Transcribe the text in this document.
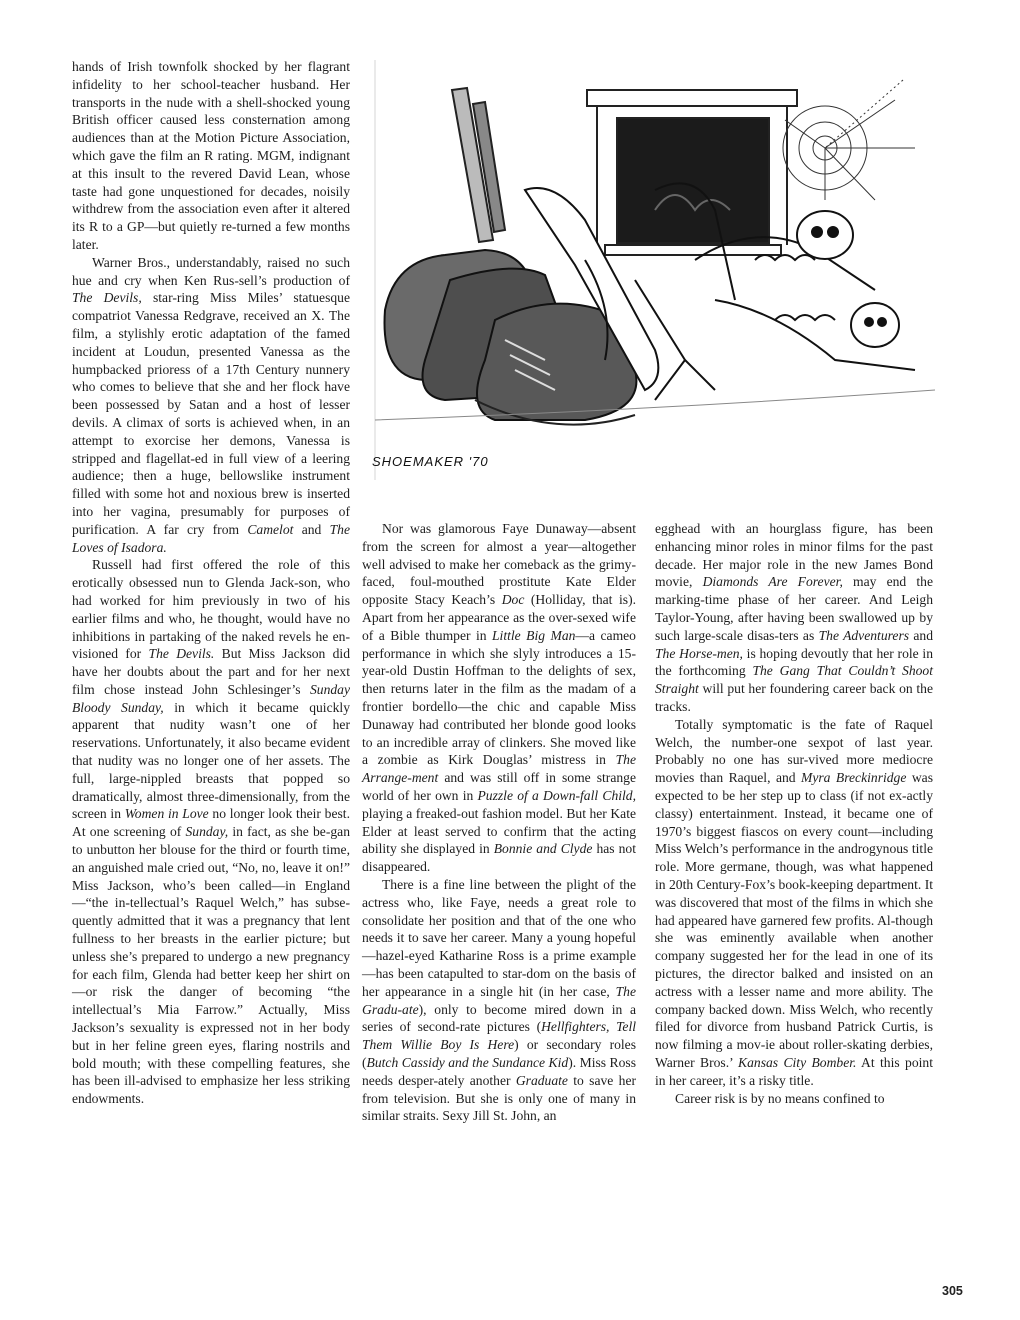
SHOEMAKER '70

hands of Irish townfolk shocked by her flagrant infidelity to her school-teacher husband. Her transports in the nude with a shell-shocked young British officer caused less consternation among audiences than at the Motion Picture Association, which gave the film an R rating. MGM, indignant at this insult to the revered David Lean, whose taste had gone unquestioned for decades, noisily withdrew from the association even after it altered its R to a GP—but quietly re-turned a few months later.

Warner Bros., understandably, raised no such hue and cry when Ken Rus-sell’s production of The Devils, star-ring Miss Miles’ statuesque compatriot Vanessa Redgrave, received an X. The film, a stylishly erotic adaptation of the famed incident at Loudun, presented Vanessa as the humpbacked prioress of a 17th Century nunnery who comes to believe that she and her flock have been possessed by Satan and a host of lesser devils. A climax of sorts is achieved when, in an attempt to exorcise her demons, Vanessa is stripped and flagellat-ed in full view of a leering audience; then a huge, bellowslike instrument filled with some hot and noxious brew is inserted into her vagina, presumably for purposes of purification. A far cry from Camelot and The Loves of Isadora.

Russell had first offered the role of this erotically obsessed nun to Glenda Jack-son, who had worked for him previously in two of his earlier films and who, he thought, would have no inhibitions in partaking of the naked revels he en-visioned for The Devils. But Miss Jackson did have her doubts about the part and for her next film chose instead John Schlesinger’s Sunday Bloody Sunday, in which it became quickly apparent that nudity wasn’t one of her reservations. Unfortunately, it also became evident that nudity was no longer one of her assets. The full, large-nippled breasts that popped so dramatically, almost three-dimensionally, from the screen in Women in Love no longer look their best. At one screening of Sunday, in fact, as she be-gan to unbutton her blouse for the third or fourth time, an anguished male cried out, “No, no, leave it on!” Miss Jackson, who’s been called—in England—“the in-tellectual’s Raquel Welch,” has subse-quently admitted that it was a pregnancy that lent fullness to her breasts in the earlier picture; but unless she’s prepared to undergo a new pregnancy for each film, Glenda had better keep her shirt on—or risk the danger of becoming “the intellectual’s Mia Farrow.” Actually, Miss Jackson’s sexuality is expressed not in her body but in her feline green eyes, flaring nostrils and bold mouth; with these compelling features, she has been ill-advised to emphasize her less striking endowments.

Nor was glamorous Faye Dunaway—absent from the screen for almost a year—altogether well advised to make her comeback as the grimy-faced, foul-mouthed prostitute Kate Elder opposite Stacy Keach’s Doc (Holliday, that is). Apart from her appearance as the over-sexed wife of a Bible thumper in Little Big Man—a cameo performance in which she slyly introduces a 15-year-old Dustin Hoffman to the delights of sex, then returns later in the film as the madam of a frontier bordello—the chic and capable Miss Dunaway had contributed her blonde good looks to an incredible array of clinkers. She moved like a zombie as Kirk Douglas’ mistress in The Arrange-ment and was still off in some strange world of her own in Puzzle of a Down-fall Child, playing a freaked-out fashion model. But her Kate Elder at least served to confirm that the acting ability she displayed in Bonnie and Clyde has not disappeared.

There is a fine line between the plight of the actress who, like Faye, needs a great role to consolidate her position and that of the one who needs it to save her career. Many a young hopeful —hazel-eyed Katharine Ross is a prime example—has been catapulted to star-dom on the basis of her appearance in a single hit (in her case, The Gradu-ate), only to become mired down in a series of second-rate pictures (Hellfighters, Tell Them Willie Boy Is Here) or secondary roles (Butch Cassidy and the Sundance Kid). Miss Ross needs desper-ately another Graduate to save her from television. But she is only one of many in similar straits. Sexy Jill St. John, an

egghead with an hourglass figure, has been enhancing minor roles in minor films for the past decade. Her major role in the new James Bond movie, Diamonds Are Forever, may end the marking-time phase of her career. And Leigh Taylor-Young, after having been swallowed up by such large-scale disas-ters as The Adventurers and The Horse-men, is hoping devoutly that her role in the forthcoming The Gang That Couldn’t Shoot Straight will put her foundering career back on the tracks.

Totally symptomatic is the fate of Raquel Welch, the number-one sexpot of last year. Probably no one has sur-vived more mediocre movies than Raquel, and Myra Breckinridge was expected to be her step up to class (if not ex-actly classy) entertainment. Instead, it became one of 1970’s biggest fiascos on every count—including Miss Welch’s performance in the androgynous title role. More germane, though, was what happened in 20th Century-Fox’s book-keeping department. It was discovered that most of the films in which she had appeared have garnered few profits. Al-though she was eminently available when another company suggested her for the lead in one of its pictures, the director balked and insisted on an actress with a lesser name and more ability. The company backed down. Miss Welch, who recently filed for divorce from husband Patrick Curtis, is now filming a mov-ie about roller-skating derbies, Warner Bros.’ Kansas City Bomber. At this point in her career, it’s a risky title.

Career risk is by no means confined to

305
